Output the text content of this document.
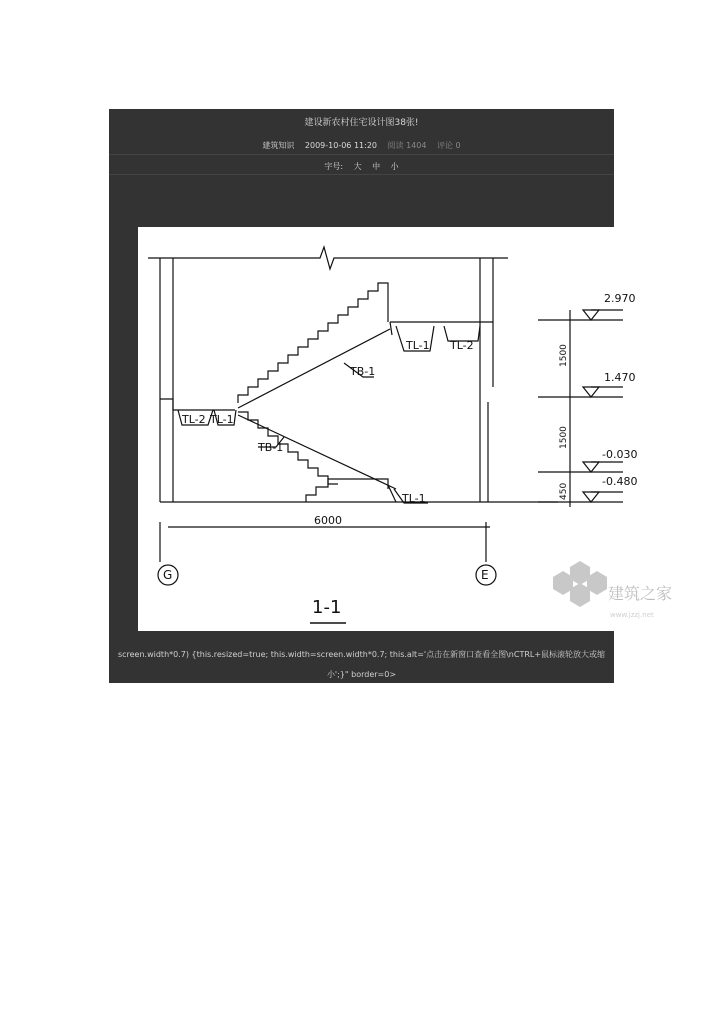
建设新农村住宅设计图38张!
建筑知识 2009-10-06 11:20 阅读 1404 评论 0
字号: 大 中 小
TL-1 TL-2
TB-1
TL-2 TL-1
TB-1
TL-1
2.970
1.470
-0.030
-0.480
1500
1500
450
6000
G	E
1-1
建筑之家
www.jzzj.net
screen.width*0.7) {this.resized=true; this.width=screen.width*0.7; this.alt='点击在新窗口查看全图\nCTRL+鼠标滚轮放大或缩
小';}" border=0>
